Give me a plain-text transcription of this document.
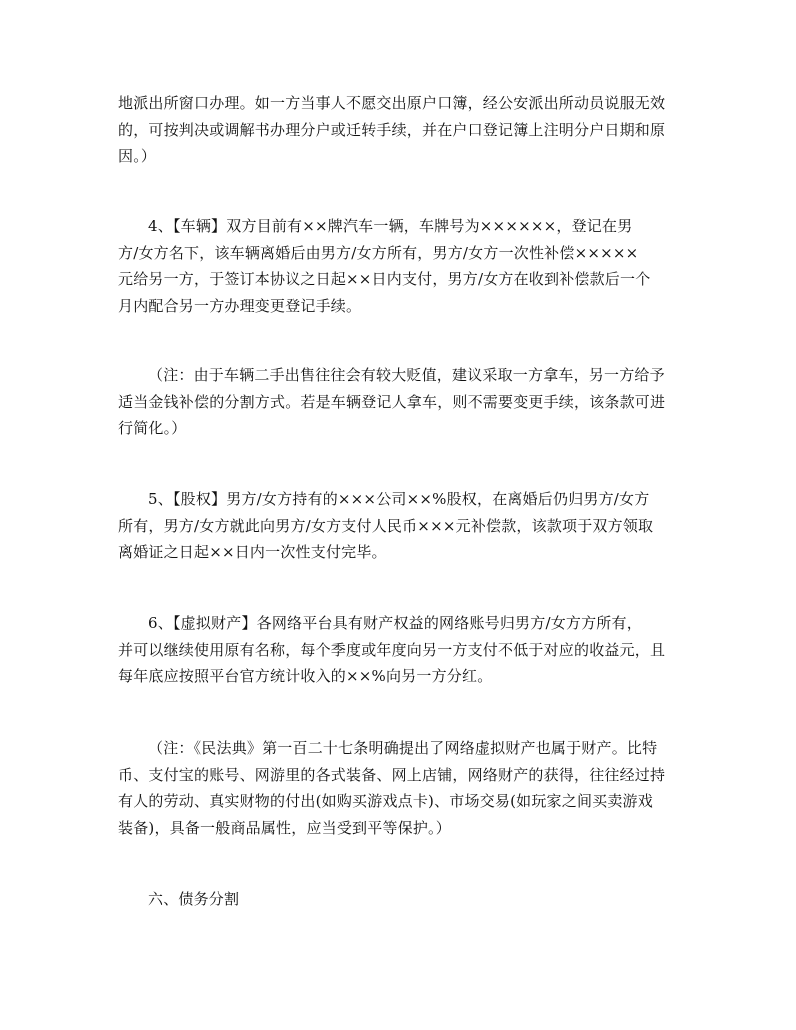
地派出所窗口办理。如一方当事人不愿交出原户口簿，经公安派出所动员说服无效

的，可按判决或调解书办理分户或迁转手续，并在户口登记簿上注明分户日期和原

因。）

4、【车辆】双方目前有××牌汽车一辆，车牌号为××××××，登记在男

方/女方名下，该车辆离婚后由男方/女方所有，男方/女方一次性补偿×××××

元给另一方，于签订本协议之日起××日内支付，男方/女方在收到补偿款后一个

月内配合另一方办理变更登记手续。

（注：由于车辆二手出售往往会有较大贬值，建议采取一方拿车，另一方给予

适当金钱补偿的分割方式。若是车辆登记人拿车，则不需要变更手续，该条款可进

行简化。）

5、【股权】男方/女方持有的×××公司××%股权，在离婚后仍归男方/女方

所有，男方/女方就此向男方/女方支付人民币×××元补偿款，该款项于双方领取

离婚证之日起××日内一次性支付完毕。

6、【虚拟财产】各网络平台具有财产权益的网络账号归男方/女方方所有，

并可以继续使用原有名称，每个季度或年度向另一方支付不低于对应的收益元，且

每年底应按照平台官方统计收入的××%向另一方分红。

（注：《民法典》第一百二十七条明确提出了网络虚拟财产也属于财产。比特

币、支付宝的账号、网游里的各式装备、网上店铺，网络财产的获得，往往经过持

有人的劳动、真实财物的付出(如购买游戏点卡)、市场交易(如玩家之间买卖游戏

装备)，具备一般商品属性，应当受到平等保护。）

六、债务分割
